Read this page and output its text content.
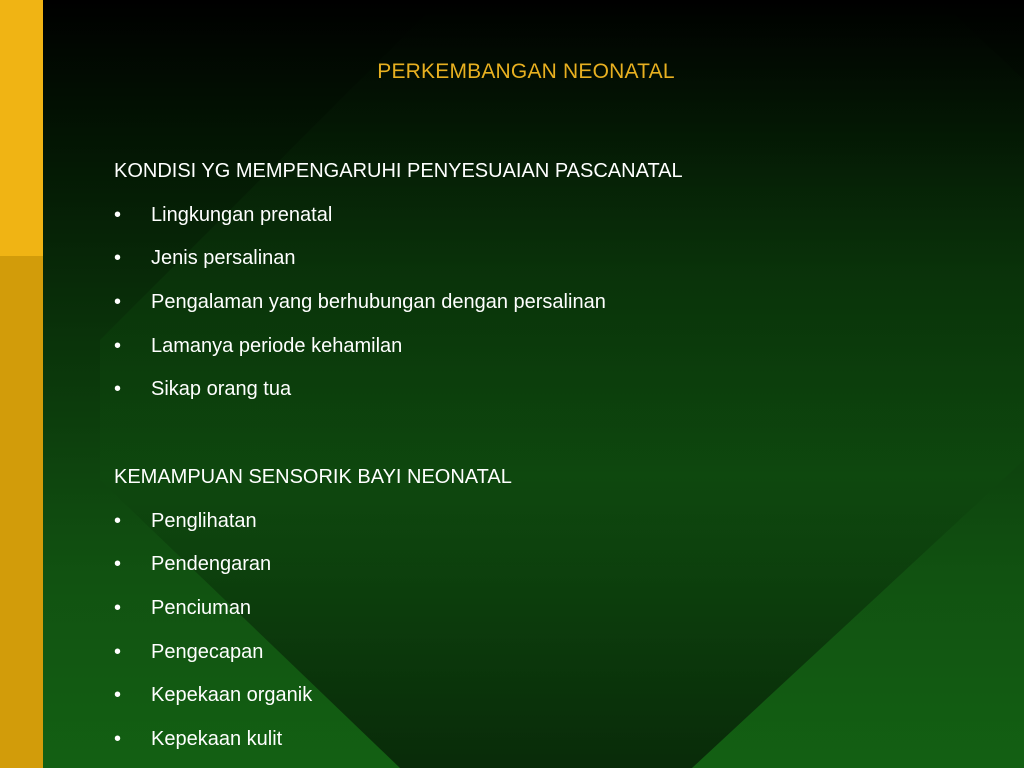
PERKEMBANGAN NEONATAL
KONDISI YG MEMPENGARUHI PENYESUAIAN PASCANATAL
• Lingkungan prenatal
• Jenis persalinan
• Pengalaman yang berhubungan dengan persalinan
• Lamanya periode kehamilan
• Sikap orang tua
KEMAMPUAN SENSORIK BAYI NEONATAL
• Penglihatan
• Pendengaran
• Penciuman
• Pengecapan
• Kepekaan organik
• Kepekaan kulit
